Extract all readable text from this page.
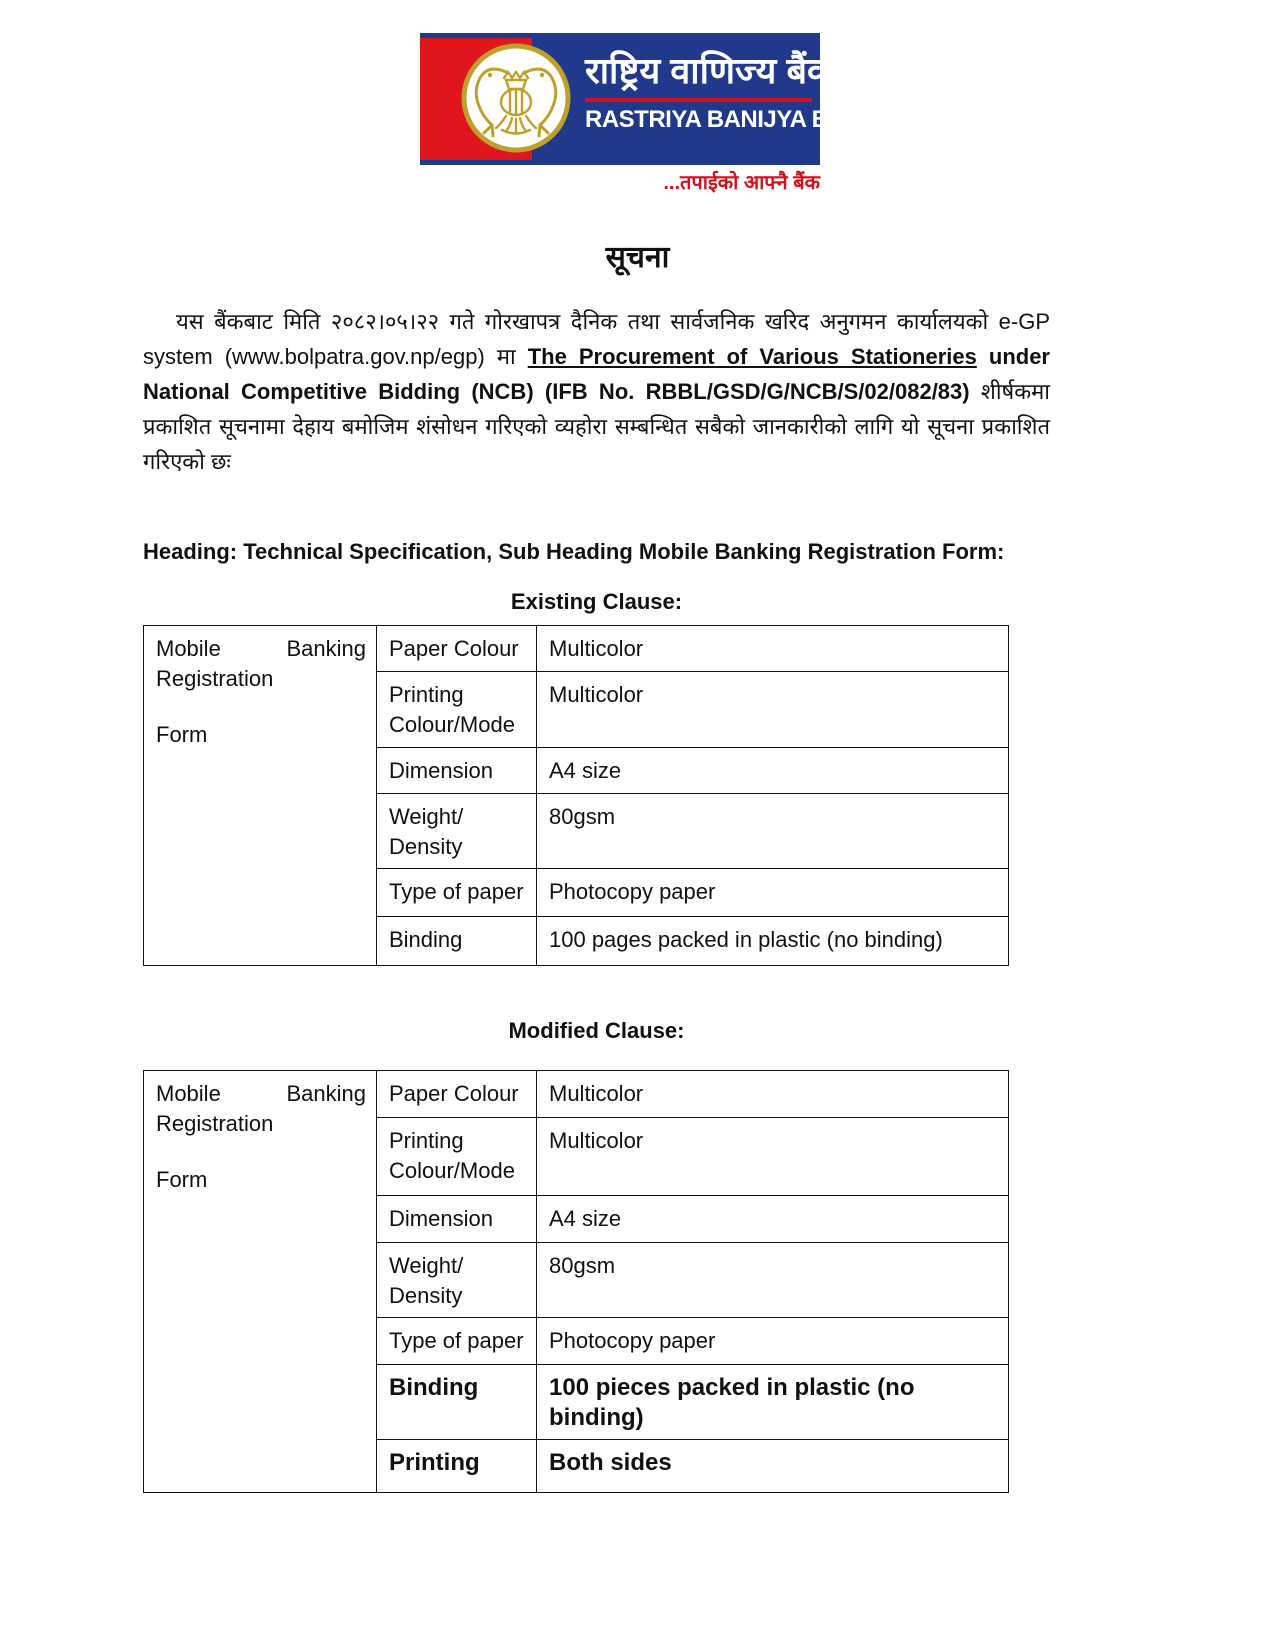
राष्ट्रिय वाणिज्य बैंक
RASTRIYA BANIJYA BANK
...तपाईको आफ्नै बैंक
सूचना

यस बैंकबाट मिति २०८२।०५।२२ गते गोरखापत्र दैनिक तथा सार्वजनिक खरिद अनुगमन कार्यालयको e-GP system (www.bolpatra.gov.np/egp) मा The Procurement of Various Stationeries under National Competitive Bidding (NCB) (IFB No. RBBL/GSD/G/NCB/S/02/082/83) शीर्षकमा प्रकाशित सूचनामा देहाय बमोजिम शंसोधन गरिएको व्यहोरा सम्बन्धित सबैको जानकारीको लागि यो सूचना प्रकाशित गरिएको छः

Heading: Technical Specification, Sub Heading Mobile Banking Registration Form:
Existing Clause:
Mobile Banking
Registration
Form	Paper Colour	Multicolor
	Printing Colour/Mode	Multicolor
	Dimension	A4 size
	Weight/ Density	80gsm
	Type of paper	Photocopy paper
	Binding	100 pages packed in plastic (no binding)
Modified Clause:
Mobile Banking
Registration
Form	Paper Colour	Multicolor
	Printing Colour/Mode	Multicolor
	Dimension	A4 size
	Weight/ Density	80gsm
	Type of paper	Photocopy paper
	Binding	100 pieces packed in plastic (no binding)
	Printing	Both sides
